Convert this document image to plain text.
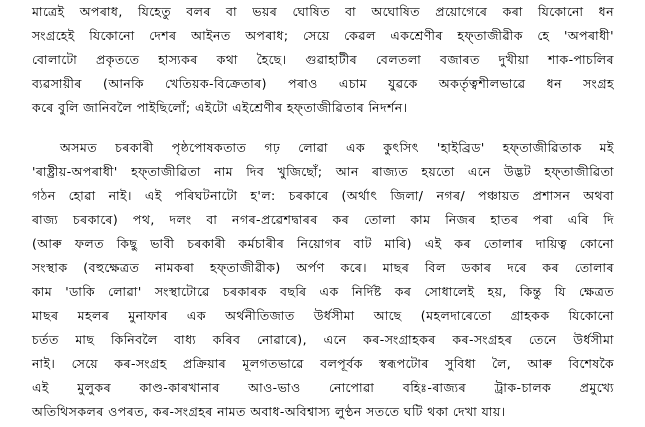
মাত্ৰেই অপৰাধ, যিহেতু বলৰ বা ভয়ৰ ঘোষিত বা অঘোষিত প্ৰয়োগেৰে কৰা যিকোনো ধন
সংগ্ৰহেই যিকোনো দেশৰ আইনত অপৰাধ; সেয়ে কেৱল একশ্ৰেণীৰ হফ্তাজীৱীক হে 'অপৰাধী'
বোলাটো প্ৰকৃততে হাস্যকৰ কথা হৈছে। গুৱাহাটীৰ বেলতলা বজাৰত দুখীয়া শাক-পাচলিৰ
ব্যৱসায়ীৰ (আনকি খেতিয়ক-বিক্ৰেতাৰ) পৰাও এচাম যুৱকে অকৰ্তৃত্বশীলভাৱে ধন সংগ্ৰহ
কৰে বুলি জানিবলৈ পাইছিলোঁ; এইটো এইশ্ৰেণীৰ হফ্তাজীৱিতাৰ নিদৰ্শন।
অসমত চৰকাৰী পৃষ্ঠপোষকতাত গঢ় লোৱা এক কুৎসিৎ 'হাইব্ৰিড' হফ্তাজীৱিতাক মই
'ৰাষ্ট্ৰীয়-অপৰাধী' হফ্তাজীৱিতা নাম দিব খুজিছোঁ; আন ৰাজ্যত হয়তো এনে উদ্ভট হফ্তাজীৱিতা
গঠন হোৱা নাই। এই পৰিঘটনাটো হ'ল: চৰকাৰে (অৰ্থাৎ জিলা/ নগৰ/ পঞ্চায়ত প্ৰশাসন অথবা
ৰাজ্য চৰকাৰে) পথ, দলং বা নগৰ-প্ৰৱেশদ্বাৰৰ কৰ তোলা কাম নিজৰ হাতৰ পৰা এৰি দি
(আৰু ফলত কিছু ভাবী চৰকাৰী কৰ্মচাৰীৰ নিয়োগৰ বাট মাৰি) এই কৰ তোলাৰ দায়িত্ব কোনো
সংস্থাক (বহুক্ষেত্ৰত নামকৰা হফ্তাজীৱীক) অৰ্পণ কৰে। মাছৰ বিল ডকাৰ দৰে কৰ তোলাৰ
কাম 'ডাকি লোৱা' সংস্থাটোৱে চৰকাৰক বছৰি এক নিৰ্দিষ্ট কৰ সোধালেই হয়, কিন্তু যি ক্ষেত্ৰত
মাছৰ মহলৰ মুনাফাৰ এক অৰ্থনীতিজাত উৰ্ধসীমা আছে (মহলদাৰেতো গ্ৰাহকক যিকোনো
চৰ্তত মাছ কিনিবলৈ বাধ্য কৰিব নোৱাৰে), এনে কৰ-সংগ্ৰাহকৰ কৰ-সংগ্ৰহৰ তেনে উৰ্ধসীমা
নাই। সেয়ে কৰ-সংগ্ৰহ প্ৰক্ৰিয়াৰ মূলগতভাৱে বলপূৰ্বক স্বৰূপটোৰ সুবিধা লৈ, আৰু বিশেষকৈ
এই মুলুকৰ কাণ্ড-কাৰখানাৰ আও-ভাও নোপোৱা বহিঃ-ৰাজ্যৰ ট্ৰাক-চালক প্ৰমুখ্যে
অতিথিসকলৰ ওপৰত, কৰ-সংগ্ৰহৰ নামত অবাধ-অবিশ্বাস্য লুণ্ঠন সততে ঘটি থকা দেখা যায়।
